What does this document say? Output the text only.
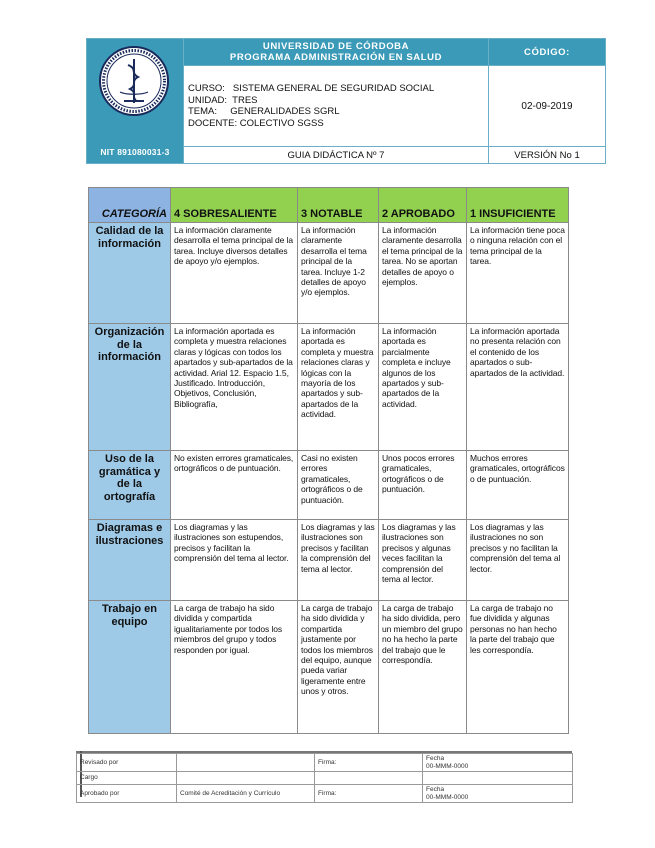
NIT 891080031-3	UNIVERSIDAD DE CÓRDOBA
PROGRAMA ADMINISTRACIÓN EN SALUD	CÓDIGO:

	CURSO:   SISTEMA GENERAL DE SEGURIDAD SOCIAL
UNIDAD:  TRES
TEMA:     GENERALIDADES SGRL
DOCENTE: COLECTIVO SGSS	02-09-2019

	GUIA DIDÁCTICA Nº 7	VERSIÓN No 1
CATEGORÍA	4 SOBRESALIENTE	3 NOTABLE	2 APROBADO	1 INSUFICIENTE
Calidad de la información	La información claramente desarrolla el tema principal de la tarea. Incluye diversos detalles de apoyo y/o ejemplos.	La información claramente desarrolla el tema principal de la tarea. Incluye 1-2 detalles de apoyo y/o ejemplos.	La información claramente desarrolla el tema principal de la tarea. No se aportan detalles de apoyo o ejemplos.	La información tiene poca o ninguna relación con el tema principal de la tarea.
Organización de la información	La información aportada es completa y muestra relaciones claras y lógicas con todos los apartados y sub-apartados de la actividad. Arial 12. Espacio 1.5, Justificado. Introducción, Objetivos, Conclusión, Bibliografía,	La información aportada es completa y muestra relaciones claras y lógicas con la mayoría de los apartados y sub-apartados de la actividad.	La información aportada es parcialmente completa e incluye algunos de los apartados y sub-apartados de la actividad.	La información aportada no presenta relación con el contenido de los apartados o sub-apartados de la actividad.
Uso de la gramática y de la ortografía	No existen errores gramaticales, ortográficos o de puntuación.	Casi no existen errores gramaticales, ortográficos o de puntuación.	Unos pocos errores gramaticales, ortográficos o de puntuación.	Muchos errores gramaticales, ortográficos o de puntuación.
Diagramas e ilustraciones	Los diagramas y las ilustraciones son estupendos, precisos y facilitan la comprensión del tema al lector.	Los diagramas y las ilustraciones son precisos y facilitan la comprensión del tema al lector.	Los diagramas y las ilustraciones son precisos y algunas veces facilitan la comprensión del tema al lector.	Los diagramas y las ilustraciones no son precisos y no facilitan la comprensión del tema al lector.
Trabajo en equipo	La carga de trabajo ha sido dividida y compartida igualitariamente por todos los miembros del grupo y todos responden por igual.	La carga de trabajo ha sido dividida y compartida justamente por todos los miembros del equipo, aunque pueda variar ligeramente entre unos y otros.	La carga de trabajo ha sido dividida, pero un miembro del grupo no ha hecho la parte del trabajo que le correspondía.	La carga de trabajo no fue dividida y algunas personas no han hecho la parte del trabajo que les correspondía.
Revisado por		Firma:	Fecha
00-MMM-0000

Cargo			

Aprobado por	Comité de Acreditación y Currículo	Firma:	Fecha
00-MMM-0000
